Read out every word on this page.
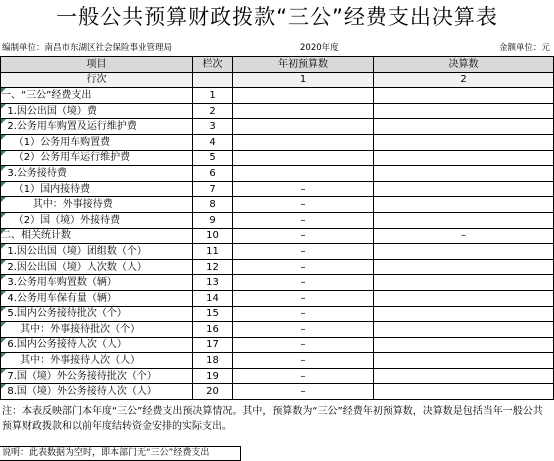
一般公共预算财政拨款“三公”经费支出决算表
编制单位：南昌市东湖区社会保险事业管理局	2020年度	金额单位：元
项目	栏次	年初预算数	决算数
行次		1	2
一、“三公”经费支出	1		
1.因公出国（境）费	2		
2.公务用车购置及运行维护费	3		
（1）公务用车购置费	4		
（2）公务用车运行维护费	5		
3.公务接待费	6		
（1）国内接待费	7	–	
其中：外事接待费	8	–	
（2）国（境）外接待费	9	–	
二、相关统计数	10	–	–
1.因公出国（境）团组数（个）	11	–	
2.因公出国（境）人次数（人）	12	–	
3.公务用车购置数（辆）	13	–	
4.公务用车保有量（辆）	14	–	
5.国内公务接待批次（个）	15	–	
其中：外事接待批次（个）	16	–	
6.国内公务接待人次（人）	17	–	
其中：外事接待人次（人）	18	–	
7.国（境）外公务接待批次（个）	19	–	
8.国（境）外公务接待人次（人）	20	–	
注：本表反映部门本年度“三公”经费支出预决算情况。其中，预算数为“三公”经费年初预算数，决算数是包括当年一般公共预算财政拨款和以前年度结转资金安排的实际支出。
说明：此表数据为空时，即本部门无“三公”经费支出
